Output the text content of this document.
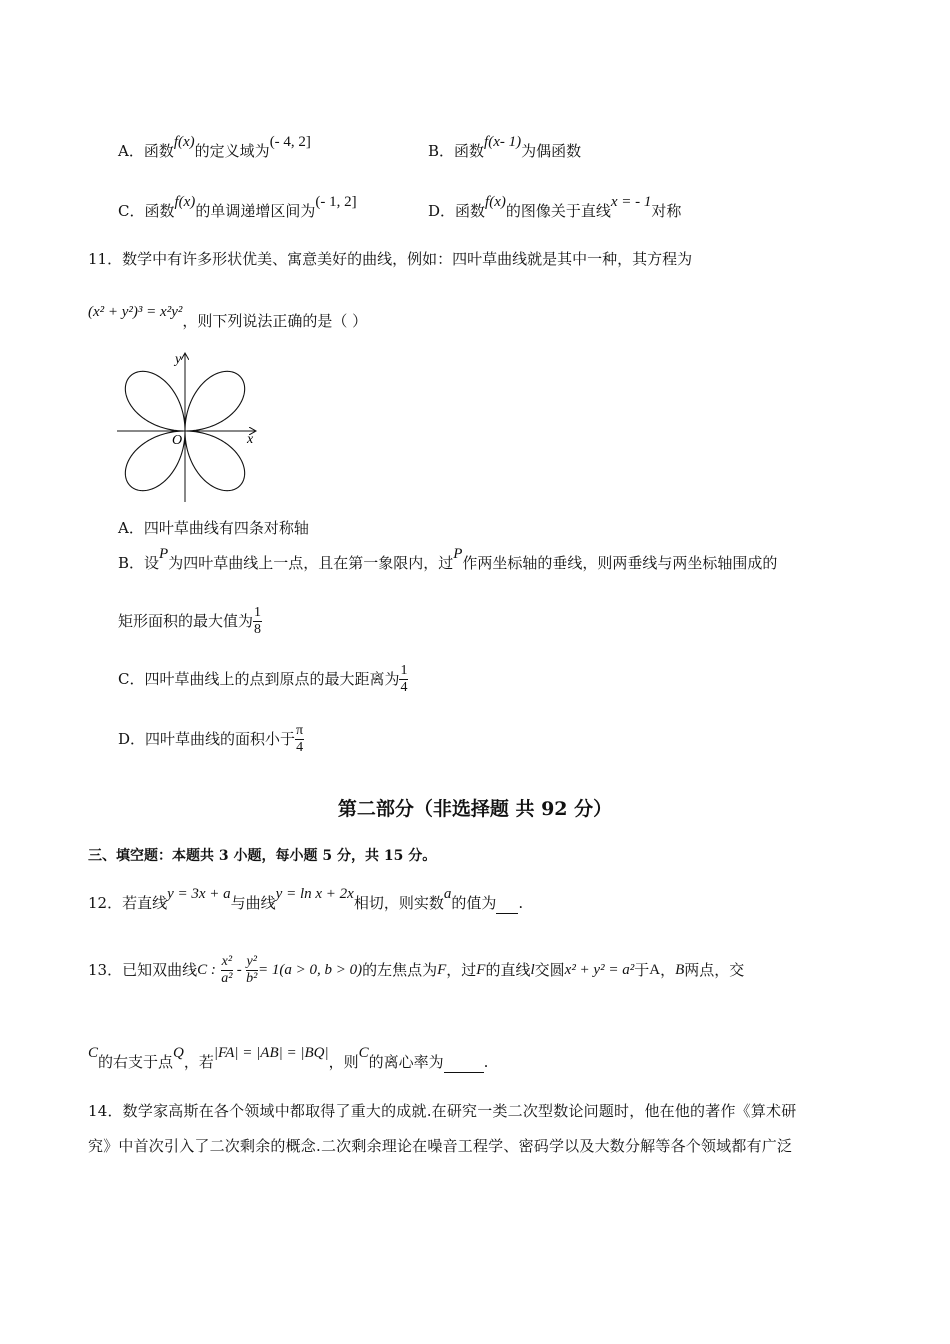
A．函数f(x)的定义域为(- 4, 2]	B．函数f(x- 1)为偶函数
C．函数f(x)的单调递增区间为(- 1, 2]	D．函数f(x)的图像关于直线x = - 1对称
11．数学中有许多形状优美、寓意美好的曲线，例如：四叶草曲线就是其中一种，其方程为
(x² + y²)³ = x²y²，则下列说法正确的是（ ）
y
x
O
A．四叶草曲线有四条对称轴
B．设P为四叶草曲线上一点，且在第一象限内，过P作两坐标轴的垂线，则两垂线与两坐标轴围成的
矩形面积的最大值为 $\frac{1}{8}$
C．四叶草曲线上的点到原点的最大距离为 $\frac{1}{4}$
D．四叶草曲线的面积小于 $\frac{\pi}{4}$
第二部分（非选择题 共 92 分）
三、填空题：本题共 3 小题，每小题 5 分，共 15 分。
12．若直线y = 3x + a与曲线y = ln x + 2x相切，则实数a的值为 .
13．已知双曲线C : $\frac{\text{x²}}{\text{a²}} - \frac{\text{y²}}{\text{b²}} = 1(a > 0$, b > 0)的左焦点为F，过F的直线l交圆x² + y² = a²于A，B两点，交
C的右支于点Q，若|FA| = |AB| = |BQ|，则C的离心率为	.
14．数学家高斯在各个领域中都取得了重大的成就.在研究一类二次型数论问题时，他在他的著作《算术研
究》中首次引入了二次剩余的概念.二次剩余理论在噪音工程学、密码学以及大数分解等各个领域都有广泛
